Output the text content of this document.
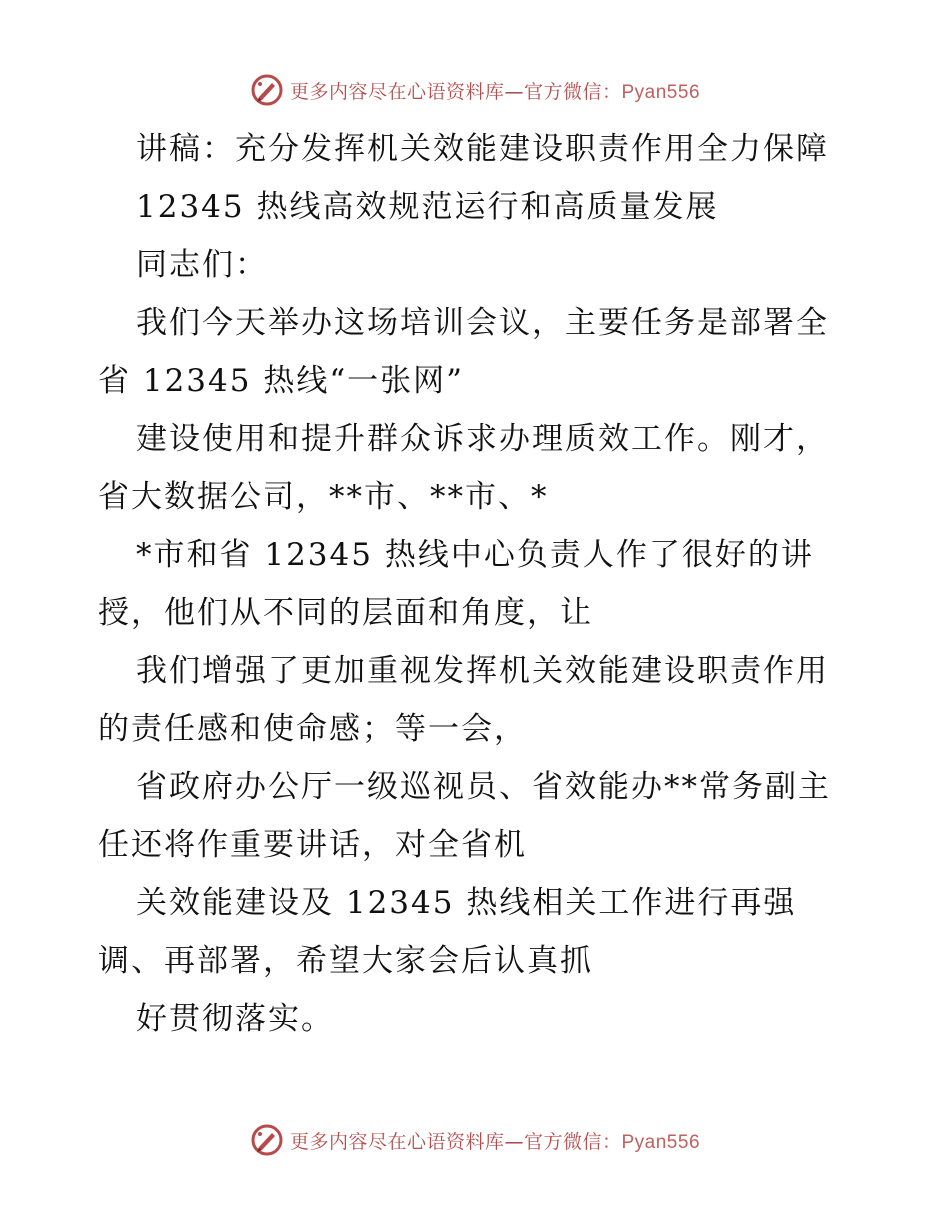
更多内容尽在心语资料库—官方微信：Pyan556
讲稿：充分发挥机关效能建设职责作用全力保障
12345 热线高效规范运行和高质量发展
同志们：
我们今天举办这场培训会议，主要任务是部署全
省 12345 热线“一张网”
建设使用和提升群众诉求办理质效工作。刚才，
省大数据公司，**市、**市、*
*市和省 12345 热线中心负责人作了很好的讲
授，他们从不同的层面和角度，让
我们增强了更加重视发挥机关效能建设职责作用
的责任感和使命感；等一会，
省政府办公厅一级巡视员、省效能办**常务副主
任还将作重要讲话，对全省机
关效能建设及 12345 热线相关工作进行再强
调、再部署，希望大家会后认真抓
好贯彻落实。
更多内容尽在心语资料库—官方微信：Pyan556
